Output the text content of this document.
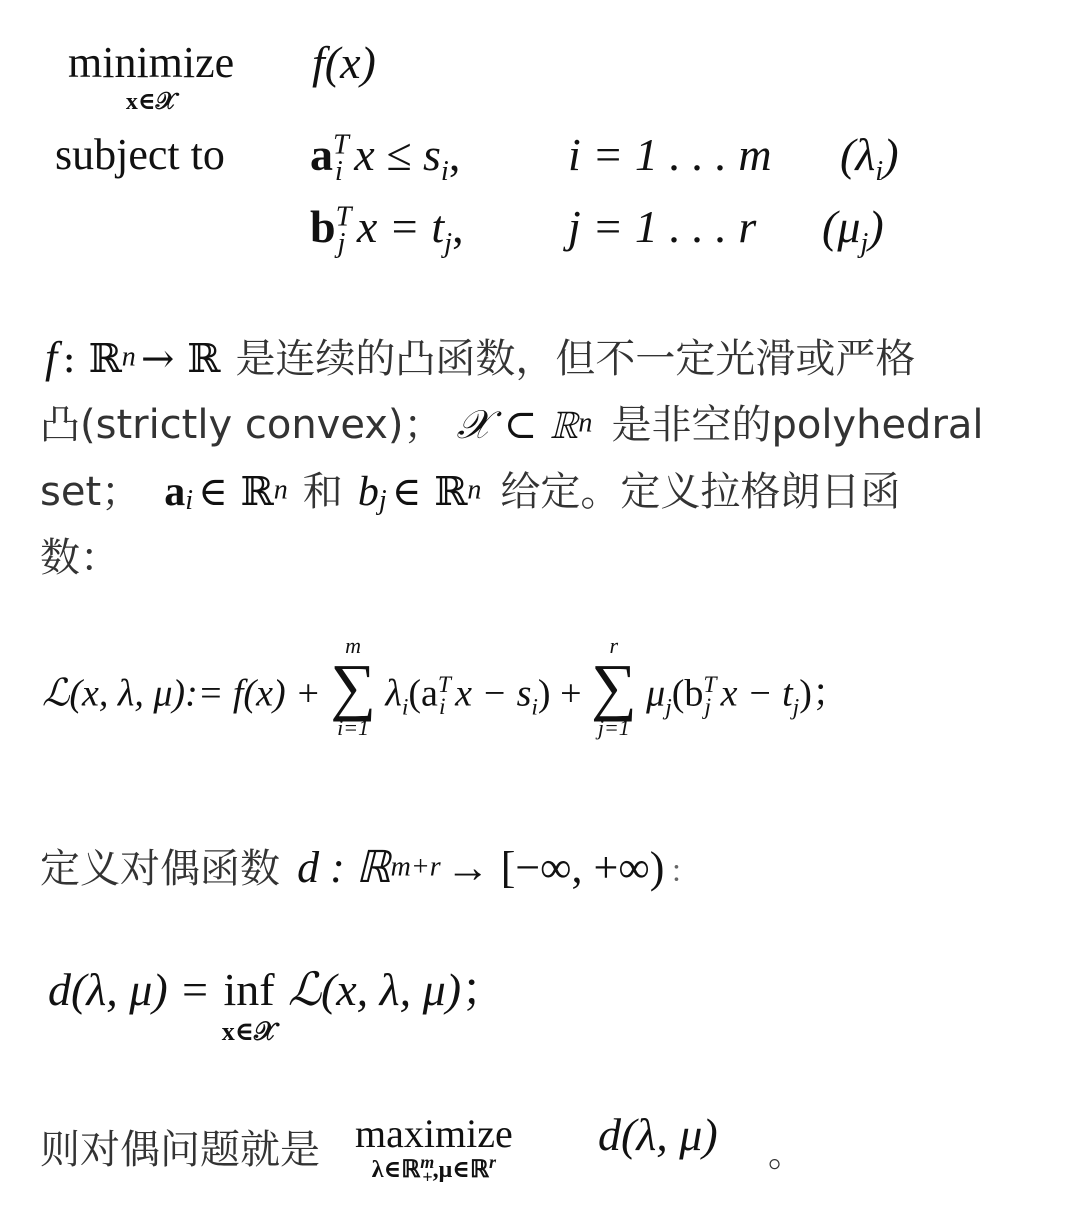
minimize
x∈𝒳
f(x)
subject to $a^T_i$ $x \le s_i$, i = 1 . . . m $(\lambda_i)$
$b^T_j$ $x = t_j$, j = 1 . . . r $(\mu_j)$
f : ℝ$^n$ → ℝ 是连续的凸函数，但不一定光滑或严格
凸(strictly convex)； 𝒳 ⊂ ℝ$^n$ 是非空的polyhedral
set； $a_i$ ∈ ℝ$^n$ 和 $b_j$ ∈ ℝ$^n$ 给定。定义拉格朗日函
数：
ℒ(x, λ, μ):= f(x) +
m
∑
i=1
$\lambda_i(a^T_i$ $x - s_i$) +
r
∑
j=1
$\mu_j(b^T_j$ $x - t_j$)；
定义对偶函数 d : ℝ$^{m+r}$ → [−∞, +∞) ：
d(λ, μ) = inf
x∈𝒳
ℒ(x, λ, μ)；
则对偶问题就是 maximize
λ∈ℝ$^m_+$,μ∈ℝ$^r$
d(λ, μ) 。
